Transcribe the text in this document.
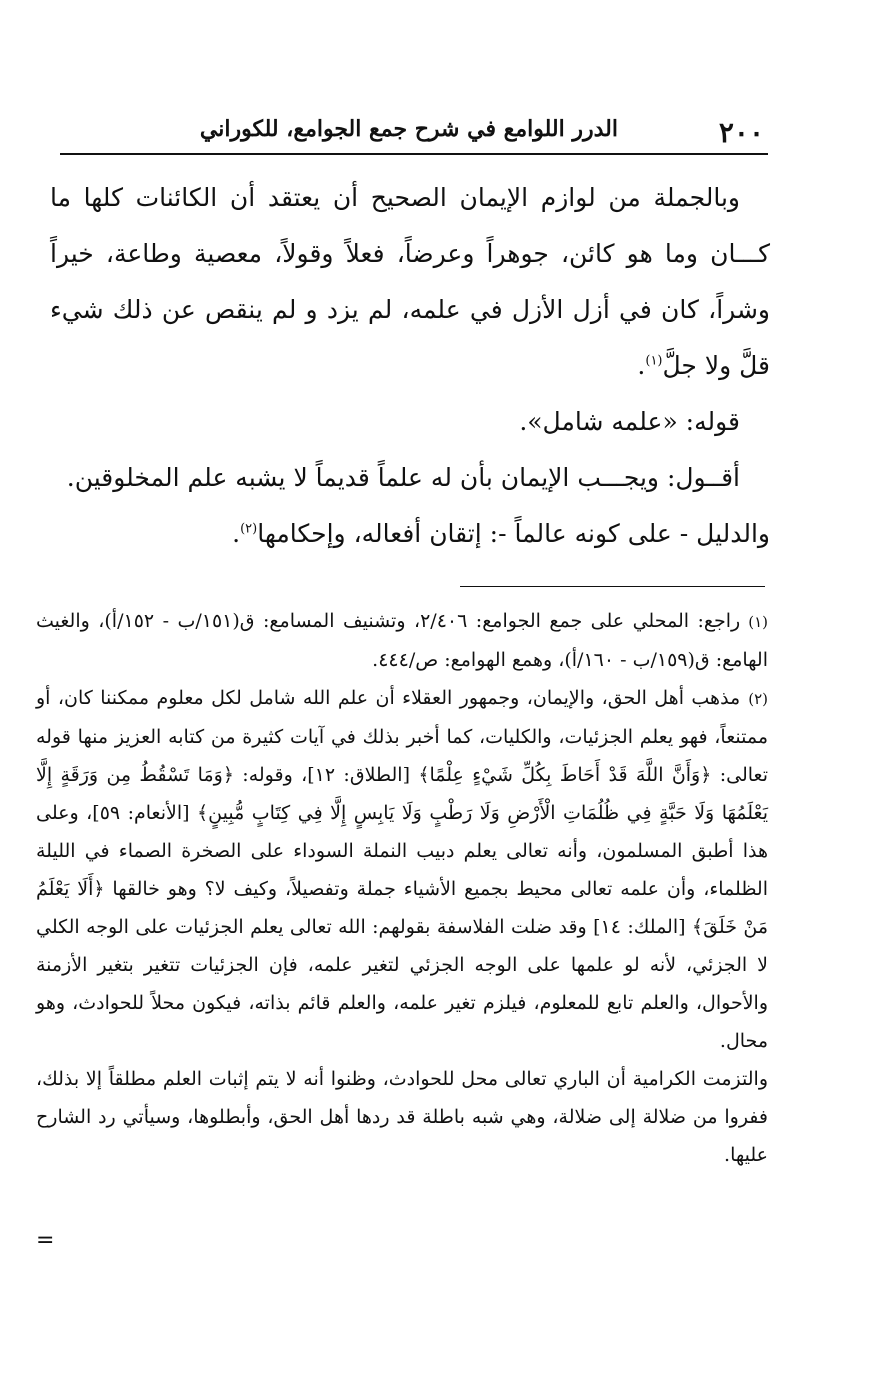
٢٠٠
الدرر اللوامع في شرح جمع الجوامع، للكوراني

وبالجملة من لوازم الإيمان الصحيح أن يعتقد أن الكائنات كلها ما كـــان وما هو كائن، جوهراً وعرضاً، فعلاً وقولاً، معصية وطاعة، خيراً وشراً، كان في أزل الأزل في علمه، لم يزد و لم ينقص عن ذلك شيء قلَّ ولا جلَّ$^{(١)}$.

قوله: «علمه شامل».

أقــول: ويجـــب الإيمان بأن له علماً قديماً لا يشبه علم المخلوقين.

والدليل - على كونه عالماً -: إتقان أفعاله، وإحكامها$^{(٢)}$.

(١)راجع: المحلي على جمع الجوامع: ٢/٤٠٦، وتشنيف المسامع: ق(١٥١/ب - ١٥٢/أ)، والغيث الهامع: ق(١٥٩/ب - ١٦٠/أ)، وهمع الهوامع: ص/٤٤٤.

(٢)مذهب أهل الحق، والإيمان، وجمهور العقلاء أن علم الله شامل لكل معلوم ممكننا كان، أو ممتنعاً، فهو يعلم الجزئيات، والكليات، كما أخبر بذلك في آيات كثيرة من كتابه العزيز منها قوله تعالى: ﴿وَأَنَّ اللَّهَ قَدْ أَحَاطَ بِكُلِّ شَيْءٍ عِلْمًا﴾ [الطلاق: ١٢]، وقوله: ﴿وَمَا تَسْقُطُ مِن وَرَقَةٍ إِلَّا يَعْلَمُهَا وَلَا حَبَّةٍ فِي ظُلُمَاتِ الْأَرْضِ وَلَا رَطْبٍ وَلَا يَابِسٍ إِلَّا فِي كِتَابٍ مُّبِينٍ﴾ [الأنعام: ٥٩]، وعلى هذا أطبق المسلمون، وأنه تعالى يعلم دبيب النملة السوداء على الصخرة الصماء في الليلة الظلماء، وأن علمه تعالى محيط بجميع الأشياء جملة وتفصيلاً، وكيف لا؟ وهو خالقها ﴿أَلَا يَعْلَمُ مَنْ خَلَقَ﴾ [الملك: ١٤] وقد ضلت الفلاسفة بقولهم: الله تعالى يعلم الجزئيات على الوجه الكلي لا الجزئي، لأنه لو علمها على الوجه الجزئي لتغير علمه، فإن الجزئيات تتغير بتغير الأزمنة والأحوال، والعلم تابع للمعلوم، فيلزم تغير علمه، والعلم قائم بذاته، فيكون محلاً للحوادث، وهو محال.

والتزمت الكرامية أن الباري تعالى محل للحوادث، وظنوا أنه لا يتم إثبات العلم مطلقاً إلا بذلك، ففروا من ضلالة إلى ضلالة، وهي شبه باطلة قد ردها أهل الحق، وأبطلوها، وسيأتي رد الشارح عليها.

=
